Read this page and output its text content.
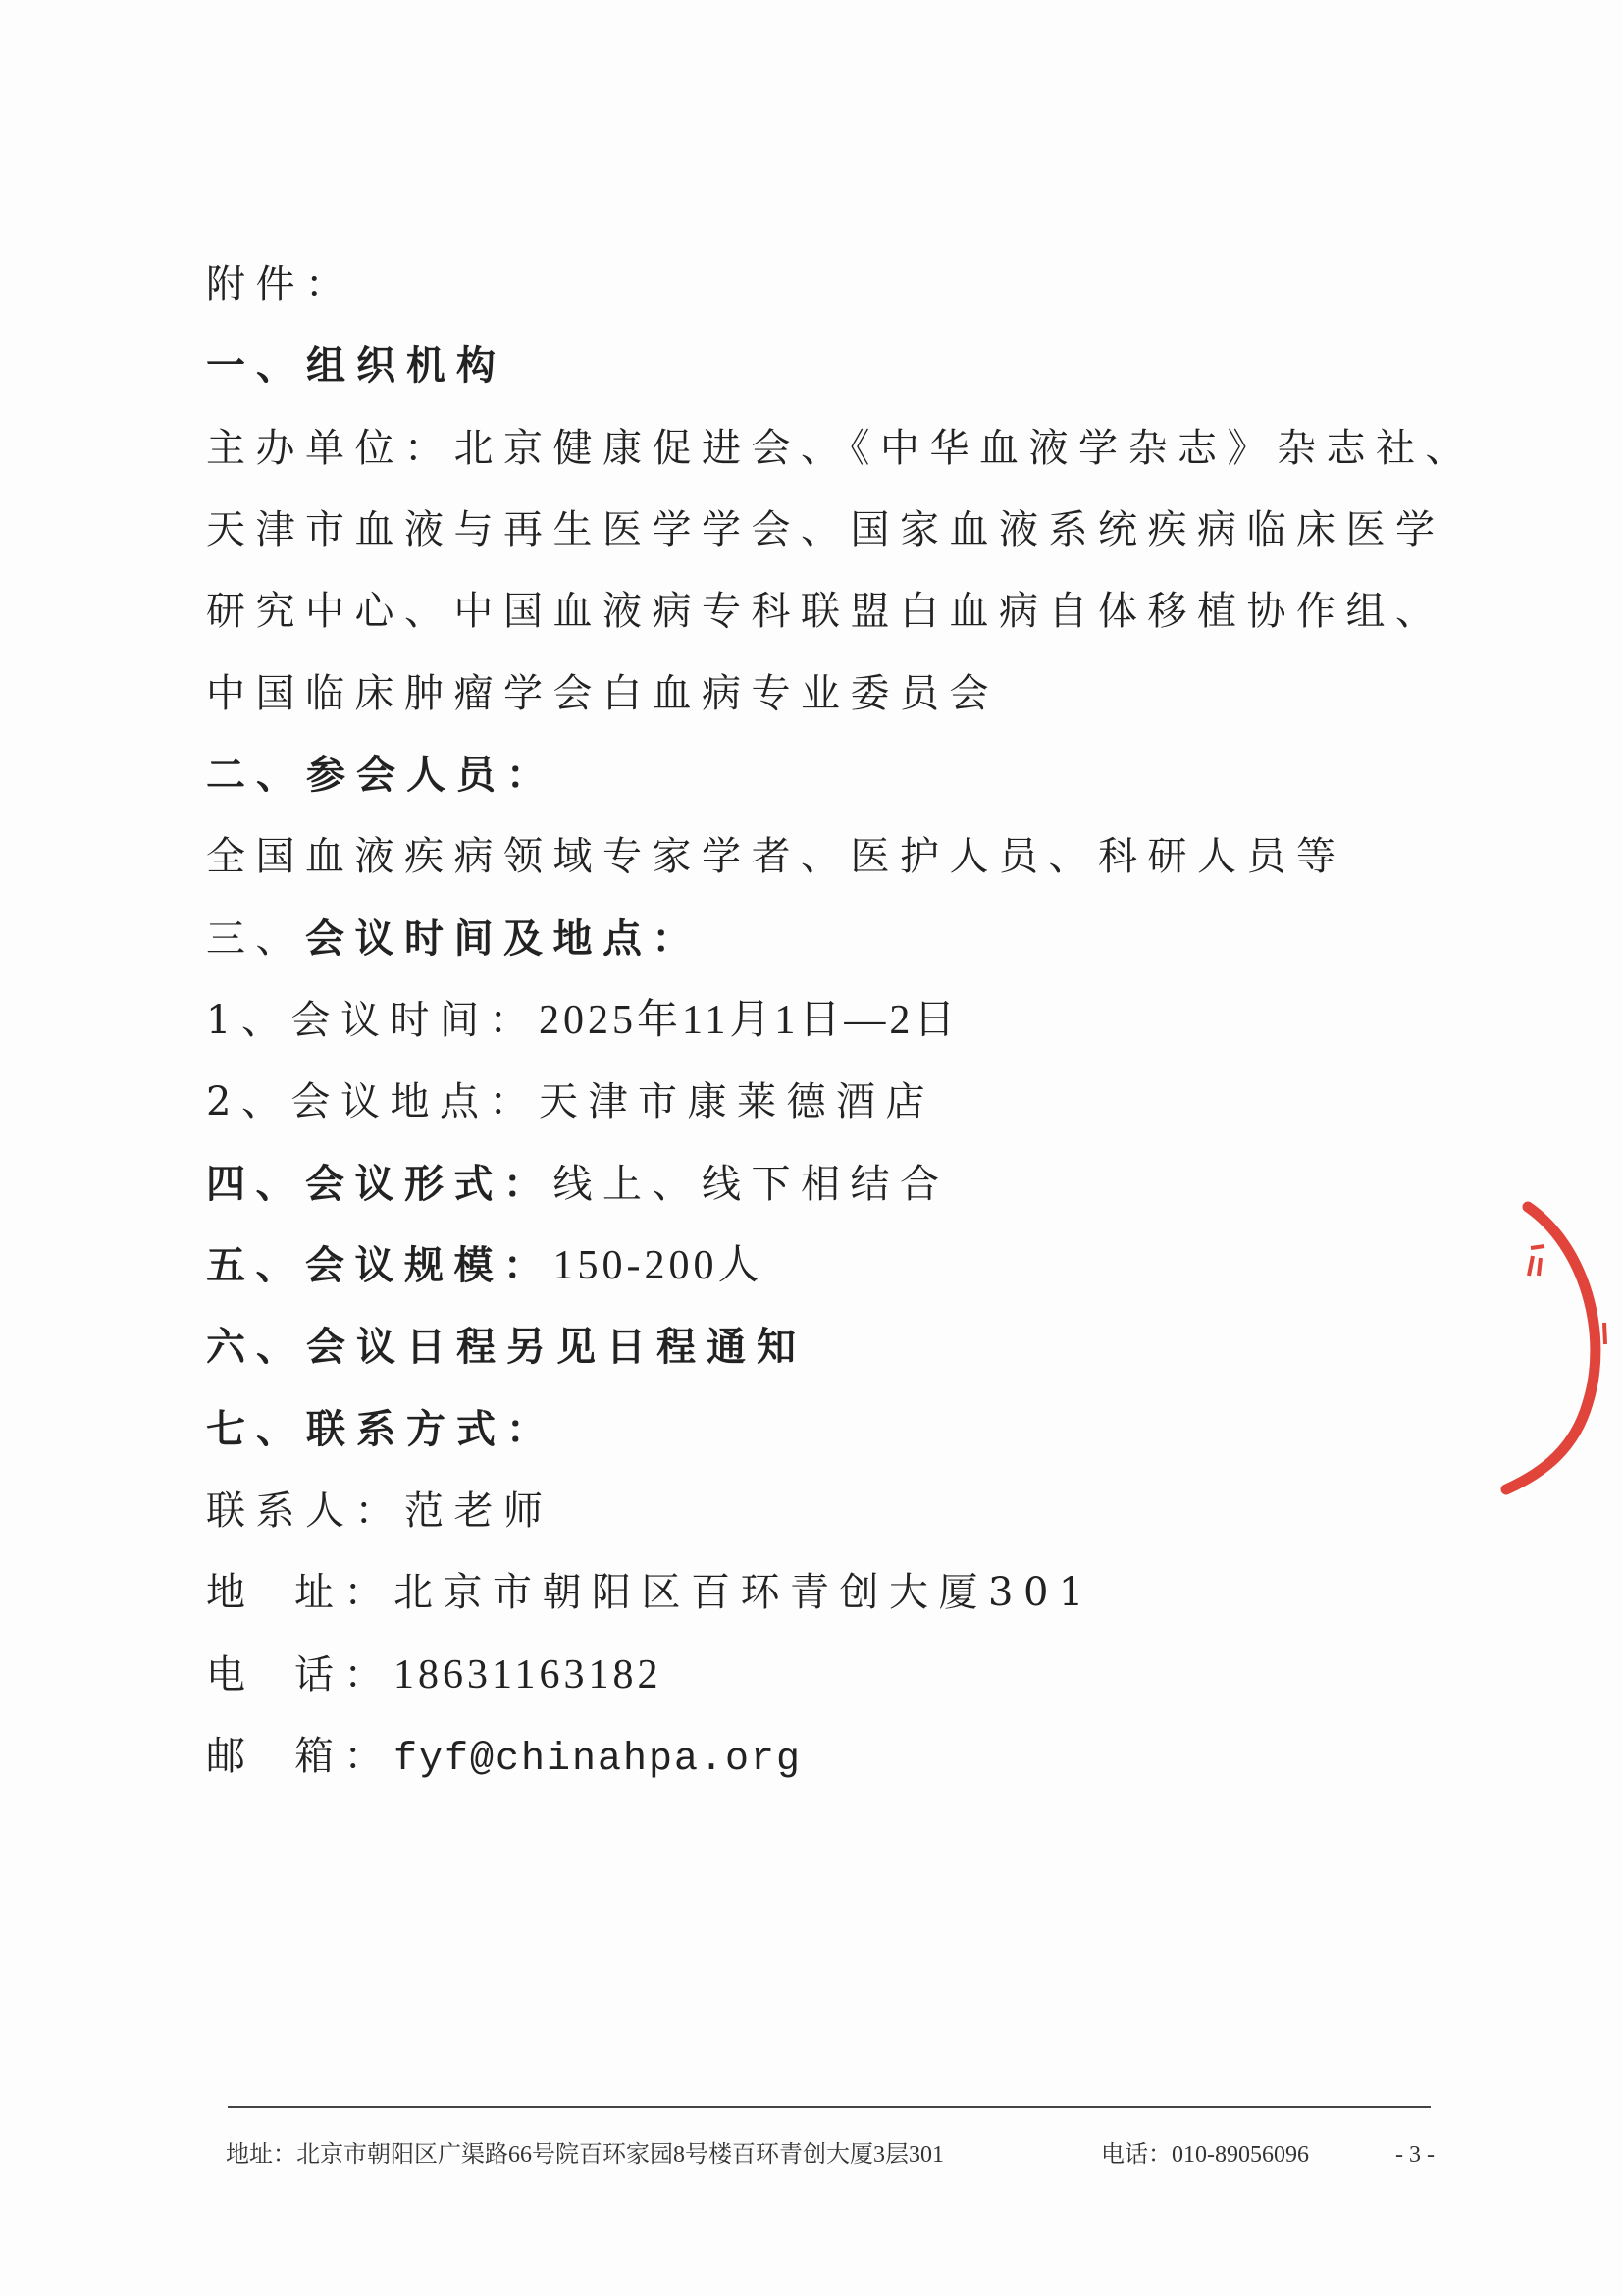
附件：
一、组织机构
主办单位：北京健康促进会、《中华血液学杂志》杂志社、
天津市血液与再生医学学会、国家血液系统疾病临床医学
研究中心、中国血液病专科联盟白血病自体移植协作组、
中国临床肿瘤学会白血病专业委员会
二、参会人员：
全国血液疾病领域专家学者、医护人员、科研人员等
三、会议时间及地点：
1、会议时间：2025年11月1日—2日
2、会议地点：天津市康莱德酒店
四、会议形式：线上、线下相结合
五、会议规模：150-200人
六、会议日程另见日程通知
七、联系方式：
联系人：范老师
地 址：北京市朝阳区百环青创大厦301
电 话：18631163182
邮 箱：fyf@chinahpa.org
地址：北京市朝阳区广渠路66号院百环家园8号楼百环青创大厦3层301	电话：010-89056096	- 3 -
